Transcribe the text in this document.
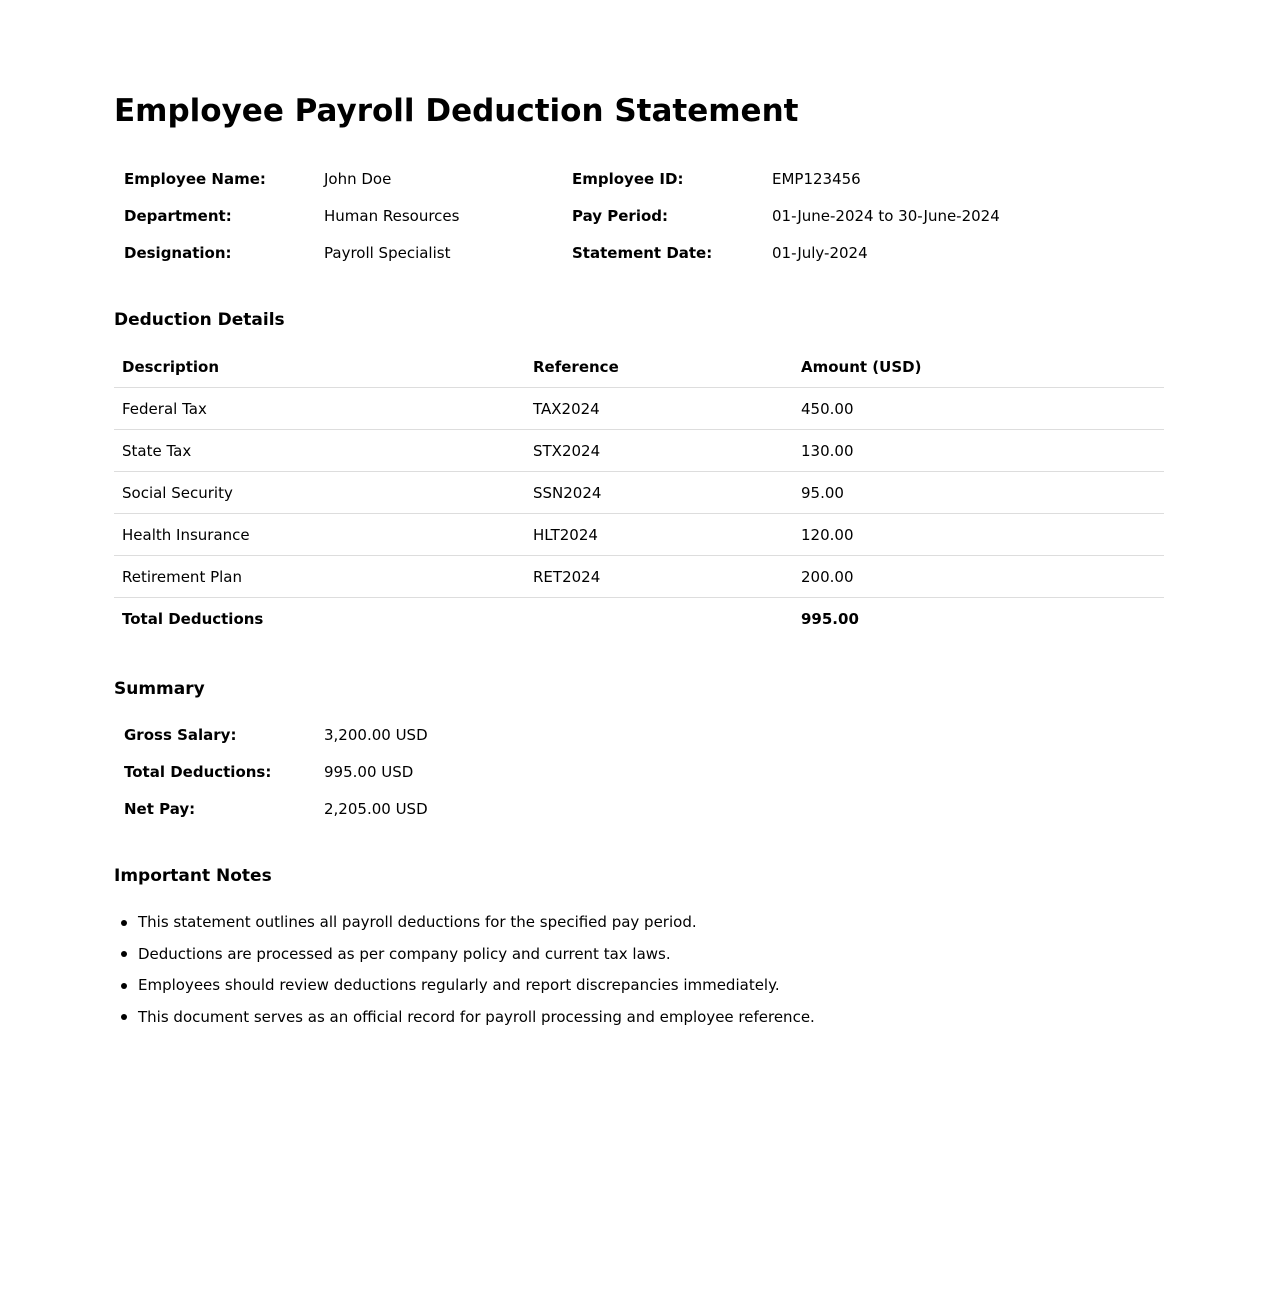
Employee Payroll Deduction Statement
Employee Name:	John Doe
Department:	Human Resources
Designation:	Payroll Specialist
Employee ID:	EMP123456
Pay Period:	01-June-2024 to 30-June-2024
Statement Date:	01-July-2024
Deduction Details
Description	Reference	Amount (USD)
Federal Tax	TAX2024	450.00
State Tax	STX2024	130.00
Social Security	SSN2024	95.00
Health Insurance	HLT2024	120.00
Retirement Plan	RET2024	200.00
Total Deductions		995.00
Summary
Gross Salary:	3,200.00 USD
Total Deductions:	995.00 USD
Net Pay:	2,205.00 USD
Important Notes
This statement outlines all payroll deductions for the specified pay period.
Deductions are processed as per company policy and current tax laws.
Employees should review deductions regularly and report discrepancies immediately.
This document serves as an official record for payroll processing and employee reference.
